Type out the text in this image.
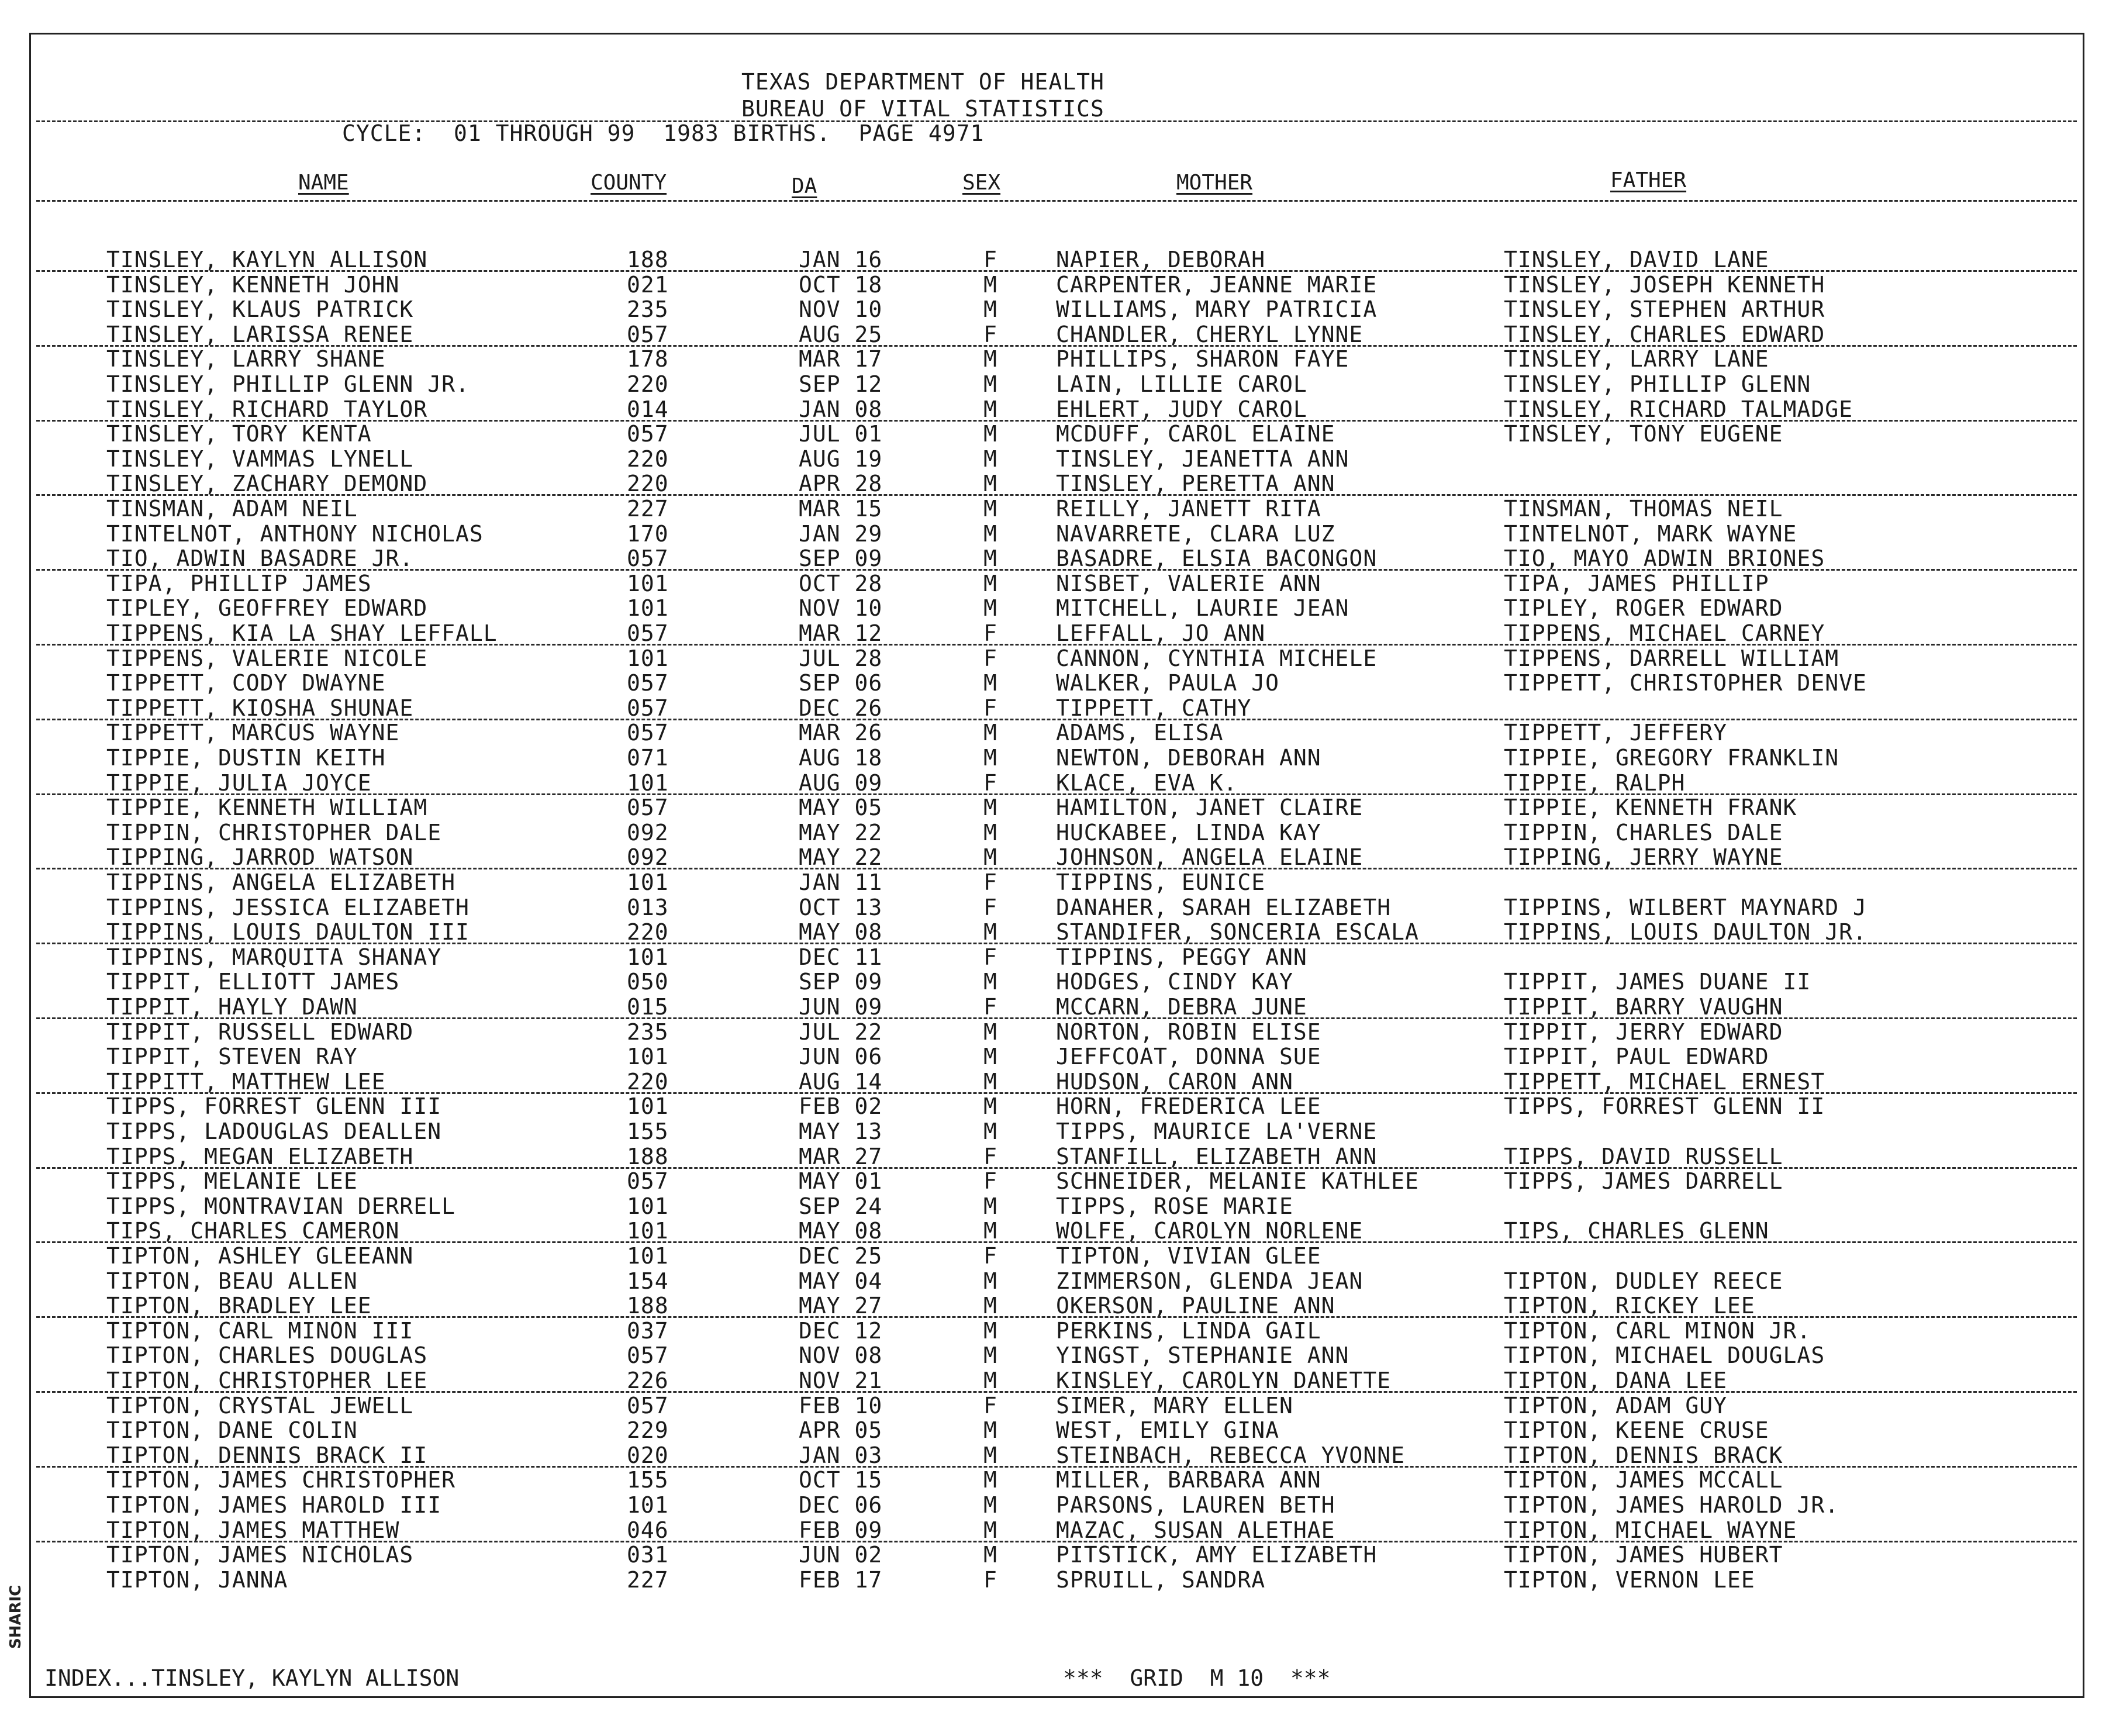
SHARIC
TEXAS DEPARTMENT OF HEALTH
BUREAU OF VITAL STATISTICS
CYCLE:  01 THROUGH 99  1983 BIRTHS.  PAGE 4971
NAME	COUNTY	DA	SEX	MOTHER	FATHER
TINSLEY, KAYLYN ALLISON	188	JAN 16	F	NAPIER, DEBORAH	TINSLEY, DAVID LANE
TINSLEY, KENNETH JOHN	021	OCT 18	M	CARPENTER, JEANNE MARIE	TINSLEY, JOSEPH KENNETH
TINSLEY, KLAUS PATRICK	235	NOV 10	M	WILLIAMS, MARY PATRICIA	TINSLEY, STEPHEN ARTHUR
TINSLEY, LARISSA RENEE	057	AUG 25	F	CHANDLER, CHERYL LYNNE	TINSLEY, CHARLES EDWARD
TINSLEY, LARRY SHANE	178	MAR 17	M	PHILLIPS, SHARON FAYE	TINSLEY, LARRY LANE
TINSLEY, PHILLIP GLENN JR.	220	SEP 12	M	LAIN, LILLIE CAROL	TINSLEY, PHILLIP GLENN
TINSLEY, RICHARD TAYLOR	014	JAN 08	M	EHLERT, JUDY CAROL	TINSLEY, RICHARD TALMADGE
TINSLEY, TORY KENTA	057	JUL 01	M	MCDUFF, CAROL ELAINE	TINSLEY, TONY EUGENE
TINSLEY, VAMMAS LYNELL	220	AUG 19	M	TINSLEY, JEANETTA ANN
TINSLEY, ZACHARY DEMOND	220	APR 28	M	TINSLEY, PERETTA ANN
TINSMAN, ADAM NEIL	227	MAR 15	M	REILLY, JANETT RITA	TINSMAN, THOMAS NEIL
TINTELNOT, ANTHONY NICHOLAS	170	JAN 29	M	NAVARRETE, CLARA LUZ	TINTELNOT, MARK WAYNE
TIO, ADWIN BASADRE JR.	057	SEP 09	M	BASADRE, ELSIA BACONGON	TIO, MAYO ADWIN BRIONES
TIPA, PHILLIP JAMES	101	OCT 28	M	NISBET, VALERIE ANN	TIPA, JAMES PHILLIP
TIPLEY, GEOFFREY EDWARD	101	NOV 10	M	MITCHELL, LAURIE JEAN	TIPLEY, ROGER EDWARD
TIPPENS, KIA LA SHAY LEFFALL	057	MAR 12	F	LEFFALL, JO ANN	TIPPENS, MICHAEL CARNEY
TIPPENS, VALERIE NICOLE	101	JUL 28	F	CANNON, CYNTHIA MICHELE	TIPPENS, DARRELL WILLIAM
TIPPETT, CODY DWAYNE	057	SEP 06	M	WALKER, PAULA JO	TIPPETT, CHRISTOPHER DENVE
TIPPETT, KIOSHA SHUNAE	057	DEC 26	F	TIPPETT, CATHY
TIPPETT, MARCUS WAYNE	057	MAR 26	M	ADAMS, ELISA	TIPPETT, JEFFERY
TIPPIE, DUSTIN KEITH	071	AUG 18	M	NEWTON, DEBORAH ANN	TIPPIE, GREGORY FRANKLIN
TIPPIE, JULIA JOYCE	101	AUG 09	F	KLACE, EVA K.	TIPPIE, RALPH
TIPPIE, KENNETH WILLIAM	057	MAY 05	M	HAMILTON, JANET CLAIRE	TIPPIE, KENNETH FRANK
TIPPIN, CHRISTOPHER DALE	092	MAY 22	M	HUCKABEE, LINDA KAY	TIPPIN, CHARLES DALE
TIPPING, JARROD WATSON	092	MAY 22	M	JOHNSON, ANGELA ELAINE	TIPPING, JERRY WAYNE
TIPPINS, ANGELA ELIZABETH	101	JAN 11	F	TIPPINS, EUNICE
TIPPINS, JESSICA ELIZABETH	013	OCT 13	F	DANAHER, SARAH ELIZABETH	TIPPINS, WILBERT MAYNARD J
TIPPINS, LOUIS DAULTON III	220	MAY 08	M	STANDIFER, SONCERIA ESCALA	TIPPINS, LOUIS DAULTON JR.
TIPPINS, MARQUITA SHANAY	101	DEC 11	F	TIPPINS, PEGGY ANN
TIPPIT, ELLIOTT JAMES	050	SEP 09	M	HODGES, CINDY KAY	TIPPIT, JAMES DUANE II
TIPPIT, HAYLY DAWN	015	JUN 09	F	MCCARN, DEBRA JUNE	TIPPIT, BARRY VAUGHN
TIPPIT, RUSSELL EDWARD	235	JUL 22	M	NORTON, ROBIN ELISE	TIPPIT, JERRY EDWARD
TIPPIT, STEVEN RAY	101	JUN 06	M	JEFFCOAT, DONNA SUE	TIPPIT, PAUL EDWARD
TIPPITT, MATTHEW LEE	220	AUG 14	M	HUDSON, CARON ANN	TIPPETT, MICHAEL ERNEST
TIPPS, FORREST GLENN III	101	FEB 02	M	HORN, FREDERICA LEE	TIPPS, FORREST GLENN II
TIPPS, LADOUGLAS DEALLEN	155	MAY 13	M	TIPPS, MAURICE LA'VERNE
TIPPS, MEGAN ELIZABETH	188	MAR 27	F	STANFILL, ELIZABETH ANN	TIPPS, DAVID RUSSELL
TIPPS, MELANIE LEE	057	MAY 01	F	SCHNEIDER, MELANIE KATHLEE	TIPPS, JAMES DARRELL
TIPPS, MONTRAVIAN DERRELL	101	SEP 24	M	TIPPS, ROSE MARIE
TIPS, CHARLES CAMERON	101	MAY 08	M	WOLFE, CAROLYN NORLENE	TIPS, CHARLES GLENN
TIPTON, ASHLEY GLEEANN	101	DEC 25	F	TIPTON, VIVIAN GLEE
TIPTON, BEAU ALLEN	154	MAY 04	M	ZIMMERSON, GLENDA JEAN	TIPTON, DUDLEY REECE
TIPTON, BRADLEY LEE	188	MAY 27	M	OKERSON, PAULINE ANN	TIPTON, RICKEY LEE
TIPTON, CARL MINON III	037	DEC 12	M	PERKINS, LINDA GAIL	TIPTON, CARL MINON JR.
TIPTON, CHARLES DOUGLAS	057	NOV 08	M	YINGST, STEPHANIE ANN	TIPTON, MICHAEL DOUGLAS
TIPTON, CHRISTOPHER LEE	226	NOV 21	M	KINSLEY, CAROLYN DANETTE	TIPTON, DANA LEE
TIPTON, CRYSTAL JEWELL	057	FEB 10	F	SIMER, MARY ELLEN	TIPTON, ADAM GUY
TIPTON, DANE COLIN	229	APR 05	M	WEST, EMILY GINA	TIPTON, KEENE CRUSE
TIPTON, DENNIS BRACK II	020	JAN 03	M	STEINBACH, REBECCA YVONNE	TIPTON, DENNIS BRACK
TIPTON, JAMES CHRISTOPHER	155	OCT 15	M	MILLER, BARBARA ANN	TIPTON, JAMES MCCALL
TIPTON, JAMES HAROLD III	101	DEC 06	M	PARSONS, LAUREN BETH	TIPTON, JAMES HAROLD JR.
TIPTON, JAMES MATTHEW	046	FEB 09	M	MAZAC, SUSAN ALETHAE	TIPTON, MICHAEL WAYNE
TIPTON, JAMES NICHOLAS	031	JUN 02	M	PITSTICK, AMY ELIZABETH	TIPTON, JAMES HUBERT
TIPTON, JANNA	227	FEB 17	F	SPRUILL, SANDRA	TIPTON, VERNON LEE
INDEX...TINSLEY, KAYLYN ALLISON	***  GRID  M 10  ***
